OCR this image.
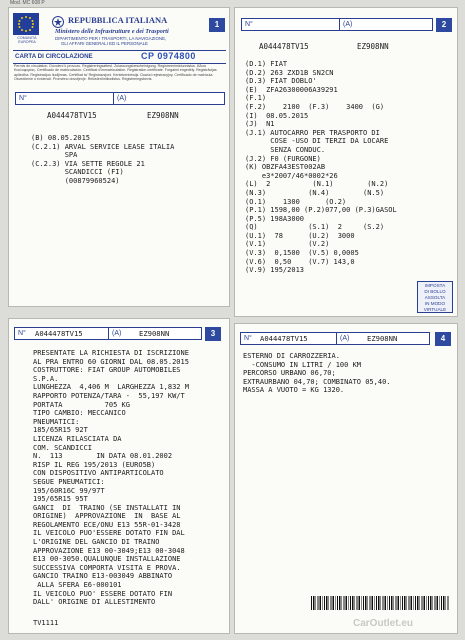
Mod. MC 608 P
COMUNITÀ EUROPEA
REPUBBLICA ITALIANA
Ministero delle Infrastrutture e dei Trasporti
DIPARTIMENTO PER I TRASPORTI, LA NAVIGAZIONE,
GLI AFFARI GENERALI ED IL PERSONALE
1
CARTA DI CIRCOLAZIONE	CP 0974800
Permis de circulation. Dovolení k provozu. Registreringsattest. Zulassungsbescheinigung. Registreerimistunnistus. Άδεια Κυκλοφορίας. Certificado de matriculación. Certificat d'immatriculation. Registration certificate. Forgalmi engedély. Registrācijas apliecība. Registracijos liudijimas. Certifikat ta' Reġistrazzjoni. Kentekenbewijs. Dowód rejestracyjny. Certificado de matrícula. Osvedčenie o evidencii. Prometno dovoljenje. Rekisteröintitodistus. Registreringsbevis.
N°	(A)
A044478TV15	EZ908NN
(B) 08.05.2015
(C.2.1) ARVAL SERVICE LEASE ITALIA
SPA
(C.2.3) VIA SETTE REGOLE 21
SCANDICCI (FI)
(00879960524)
N°	(A)	2
A044478TV15	EZ908NN
(D.1) FIAT
(D.2) 263 ZXD1B SN2CN
(D.3) FIAT DOBLO'
(E)  ZFA26300006A39291
(F.1)
(F.2)    2100  (F.3)    3400  (G)
(I)  08.05.2015
(J)  N1
(J.1) AUTOCARRO PER TRASPORTO DI
COSE -USO DI TERZI DA LOCARE
SENZA CONDUC.
(J.2) F0 (FURGONE)
(K) OBZFA43EST002AB
e3*2007/46*0002*26
(L)  2          (N.1)        (N.2)
(N.3)          (N.4)        (N.5)
(O.1)    1300      (O.2)
(P.1) 1598,00 (P.2)077,00 (P.3)GASOL
(P.5) 198A3000
(Q)            (S.1)  2     (S.2)
(U.1)  78      (U.2)  3000
(V.1)          (V.2)
(V.3)  0,1500  (V.5) 0,0005
(V.6)  0,50    (V.7) 143,0
(V.9) 195/2013
IMPOSTA
DI BOLLO
ASSOLTA
IN MODO
VIRTUALE
N°	A044478TV15	(A)	EZ908NN	3
PRESENTATE LA RICHIESTA DI ISCRIZIONE
AL PRA ENTRO 60 GIORNI DAL 08.05.2015
COSTRUTTORE: FIAT GROUP AUTOMOBILES
S.P.A.
LUNGHEZZA  4,406 M  LARGHEZZA 1,832 M
RAPPORTO POTENZA/TARA -  55,197 KW/T
PORTATA          705 KG
TIPO CAMBIO: MECCANICO
PNEUMATICI:
185/65R15 92T
LICENZA RILASCIATA DA
COM. SCANDICCI
N.  113        IN DATA 08.01.2002
RISP IL REG 195/2013 (EURO5B)
CON DISPOSITIVO ANTIPARTICOLATO
SEGUE PNEUMATICI:
195/60R16C 99/97T
195/65R15 95T
GANCI  DI  TRAINO (SE INSTALLATI IN
ORIGINE)  APPROVAZIONE  IN  BASE AL
REGOLAMENTO ECE/ONU E13 55R-01-3428
IL VEICOLO PUO'ESSERE DOTATO FIN DAL
L'ORIGINE DEL GANCIO DI TRAINO
APPROVAZIONE E13 00-3049;E13 00-3048
E13 00-3050.QUALUNQUE INSTALLAZIONE
SUCCESSIVA COMPORTA VISITA E PROVA.
GANCIO TRAINO E13-003049 ABBINATO
ALLA SFERA E6-000101
IL VEICOLO PUO' ESSERE DOTATO FIN
DALL' ORIGINE DI ALLESTIMENTO
TV1111
N°	A044478TV15	(A)	EZ908NN	4
ESTERNO DI CARROZZERIA.
-CONSUMO IN LITRI / 100 KM
PERCORSO URBANO 06,70;
EXTRAURBANO 04,70; COMBINATO 05,40.
MASSA A VUOTO = KG 1320.
CarOutlet.eu
